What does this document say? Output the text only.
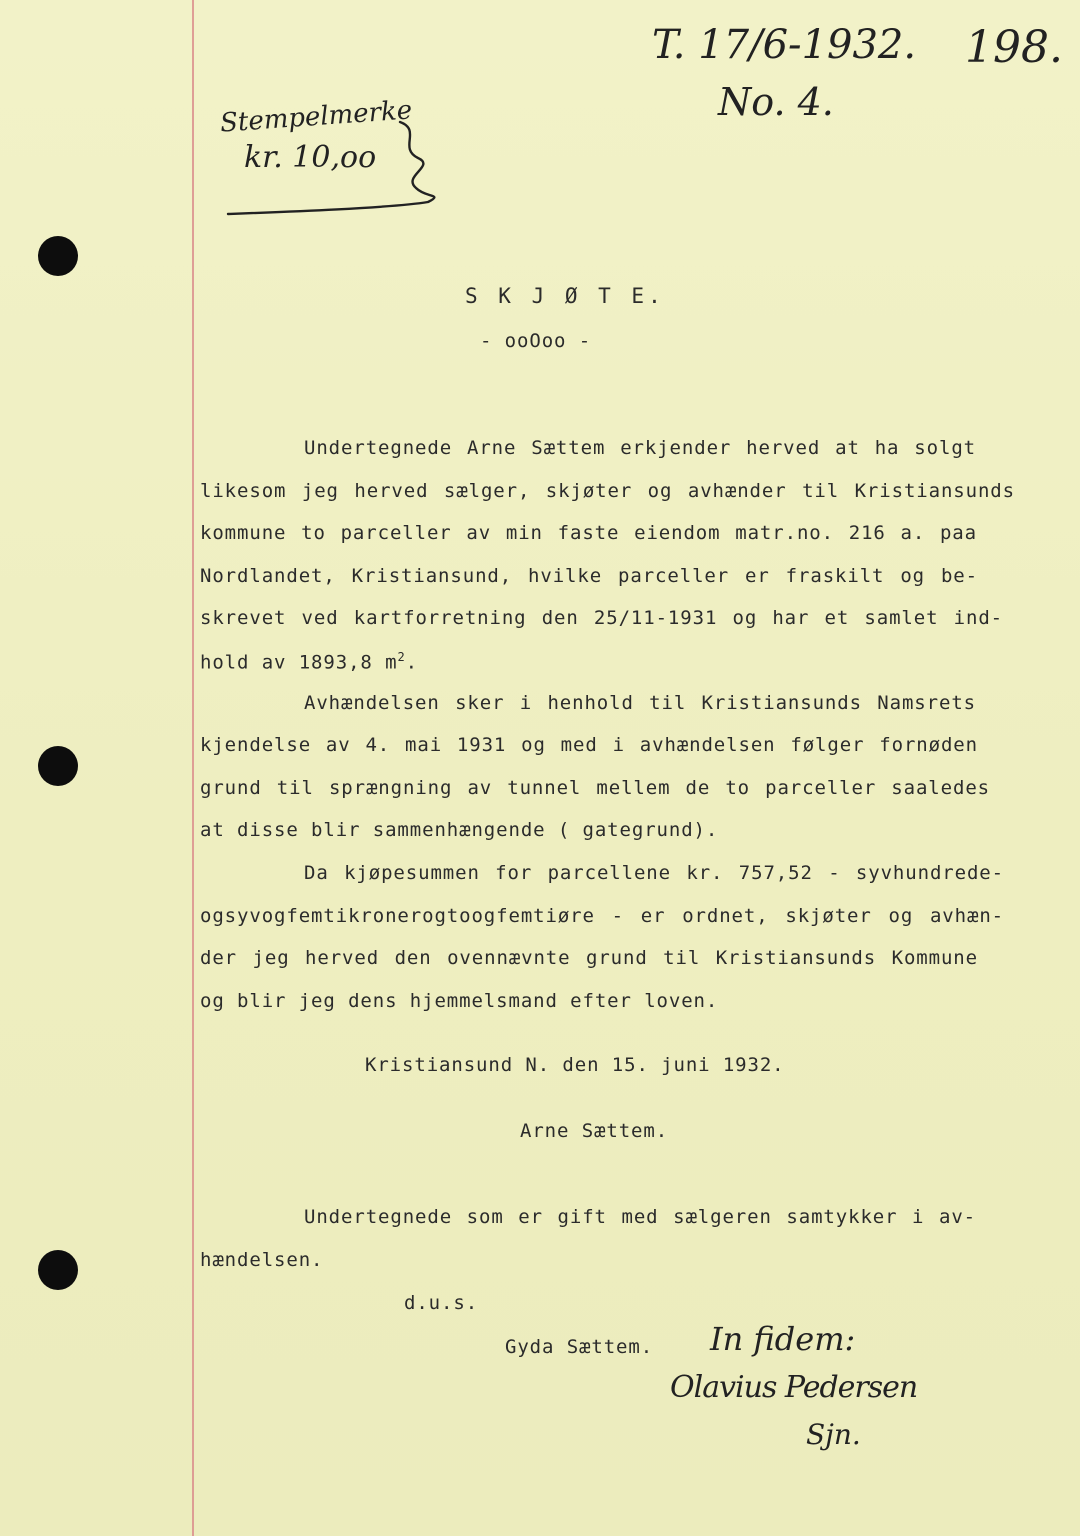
T. 17/6-1932. 198.
No. 4.
Stempelmerke
kr. 10,oo
S K J Ø T E.
- ooOoo -
Undertegnede Arne Sættem erkjender herved at ha solgt
likesom jeg herved sælger, skjøter og avhænder til Kristiansunds
kommune to parceller av min faste eiendom matr.no. 216 a. paa
Nordlandet, Kristiansund, hvilke parceller er fraskilt og be-
skrevet ved kartforretning den 25/11-1931 og har et samlet ind-
hold av 1893,8 $m^2$.
Avhændelsen sker i henhold til Kristiansunds Namsrets
kjendelse av 4. mai 1931 og med i avhændelsen følger fornøden
grund til sprængning av tunnel mellem de to parceller saaledes
at disse blir sammenhængende ( gategrund).
Da kjøpesummen for parcellene kr. 757,52 - syvhundrede-
ogsyvogfemtikronerogtoogfemtiøre - er ordnet, skjøter og avhæn-
der jeg herved den ovennævnte grund til Kristiansunds Kommune
og blir jeg dens hjemmelsmand efter loven.
Kristiansund N. den 15. juni 1932.
Arne Sættem.
Undertegnede som er gift med sælgeren samtykker i av-
hændelsen.
d.u.s.
Gyda Sættem. In fidem:
Olavius Pedersen
Sjn.
